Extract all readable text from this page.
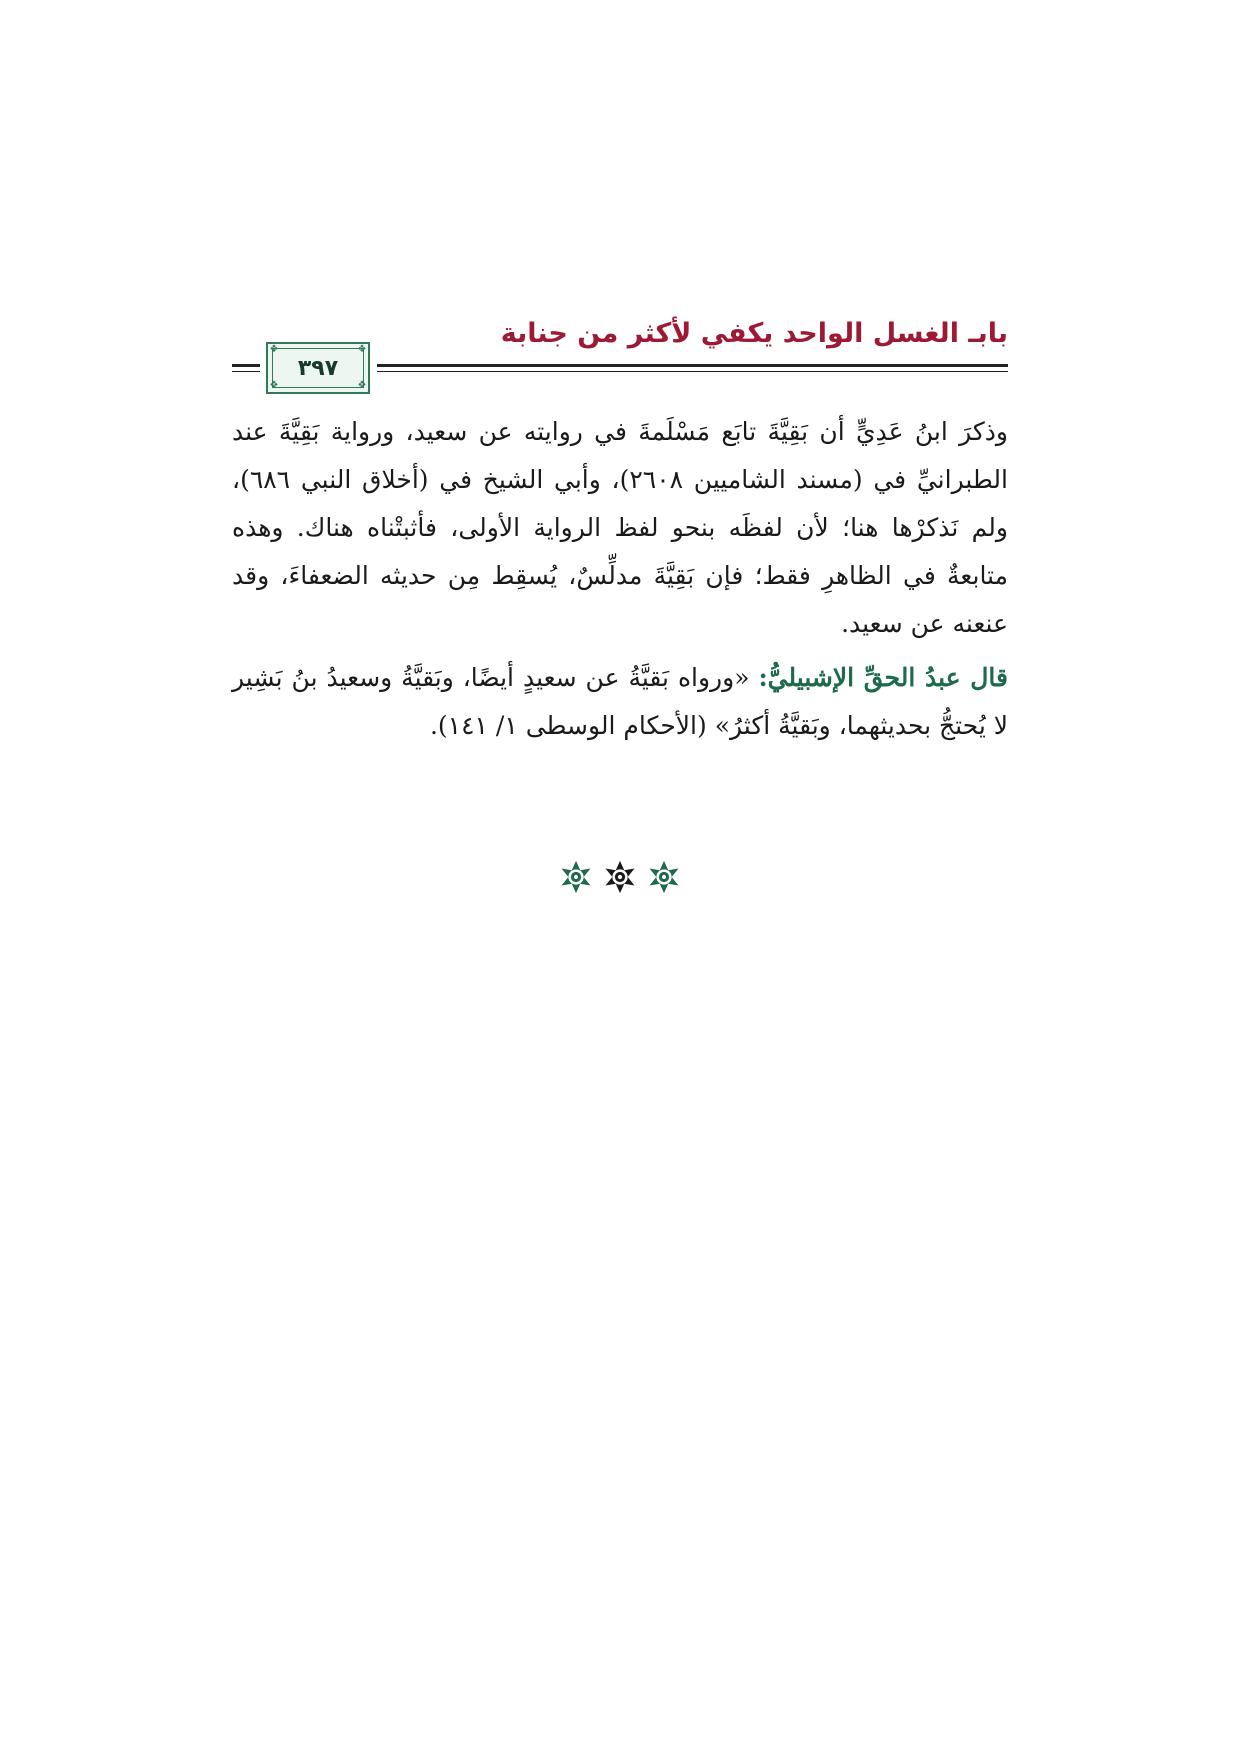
بابـ الغسل الواحد يكفي لأكثر من جنابة
❖	❖
❖	❖
٣٩٧

وذكرَ ابنُ عَدِيٍّ أن بَقِيَّةَ تابَع مَسْلَمةَ في روايته عن سعيد، ورواية بَقِيَّةَ عند الطبرانيِّ في (مسند الشاميين ٢٦٠٨)، وأبي الشيخ في (أخلاق النبي ٦٨٦)، ولم نَذكرْها هنا؛ لأن لفظَه بنحو لفظ الرواية الأولى، فأثبتْناه هناك. وهذه متابعةٌ في الظاهرِ فقط؛ فإن بَقِيَّةَ مدلِّسٌ، يُسقِط مِن حديثه الضعفاءَ، وقد عنعنه عن سعيد.

قال عبدُ الحقِّ الإشبيليُّ: «ورواه بَقيَّةُ عن سعيدٍ أيضًا، وبَقيَّةُ وسعيدُ بنُ بَشِير لا يُحتجُّ بحديثهما، وبَقيَّةُ أكثرُ» (الأحكام الوسطى ١/ ١٤١).
